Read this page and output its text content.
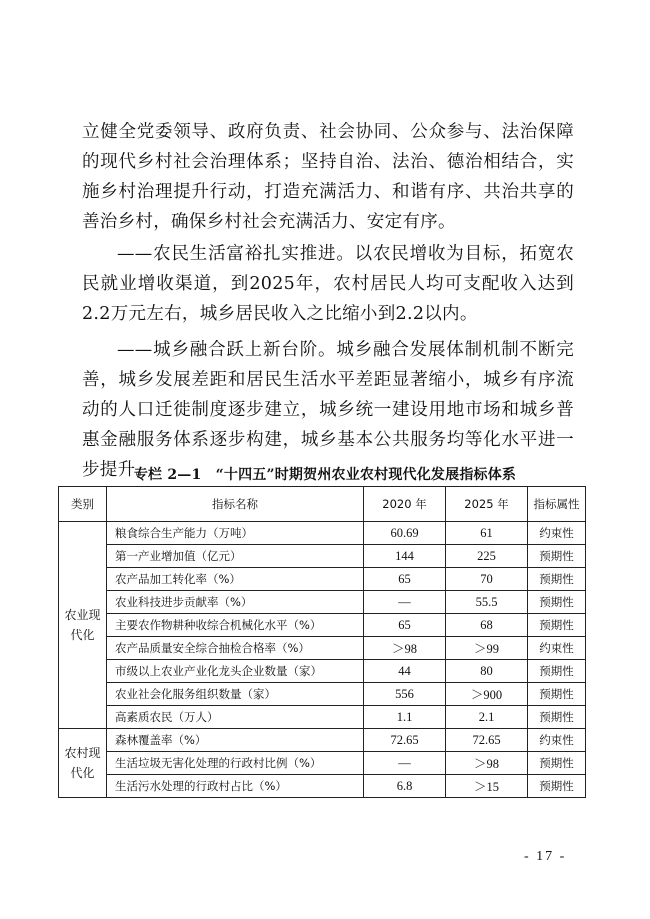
立健全党委领导、政府负责、社会协同、公众参与、法治保障的现代乡村社会治理体系；坚持自治、法治、德治相结合，实施乡村治理提升行动，打造充满活力、和谐有序、共治共享的善治乡村，确保乡村社会充满活力、安定有序。

——农民生活富裕扎实推进。以农民增收为目标，拓宽农民就业增收渠道，到2025年，农村居民人均可支配收入达到2.2万元左右，城乡居民收入之比缩小到2.2以内。

——城乡融合跃上新台阶。城乡融合发展体制机制不断完善，城乡发展差距和居民生活水平差距显著缩小，城乡有序流动的人口迁徙制度逐步建立，城乡统一建设用地市场和城乡普惠金融服务体系逐步构建，城乡基本公共服务均等化水平进一步提升。

专栏 2—1　“十四五”时期贺州农业农村现代化发展指标体系

类别	指标名称	2020 年	2025 年	指标属性
农业现代化	粮食综合生产能力（万吨）	60.69	61	约束性
	第一产业增加值（亿元）	144	225	预期性
	农产品加工转化率（%）	65	70	预期性
	农业科技进步贡献率（%）	—	55.5	预期性
	主要农作物耕种收综合机械化水平（%）	65	68	预期性
	农产品质量安全综合抽检合格率（%）	＞98	＞99	约束性
	市级以上农业产业化龙头企业数量（家）	44	80	预期性
	农业社会化服务组织数量（家）	556	＞900	预期性
	高素质农民（万人）	1.1	2.1	预期性
农村现代化	森林覆盖率（%）	72.65	72.65	约束性
	生活垃圾无害化处理的行政村比例（%）	—	＞98	预期性
	生活污水处理的行政村占比（%）	6.8	＞15	预期性
- 17 -
